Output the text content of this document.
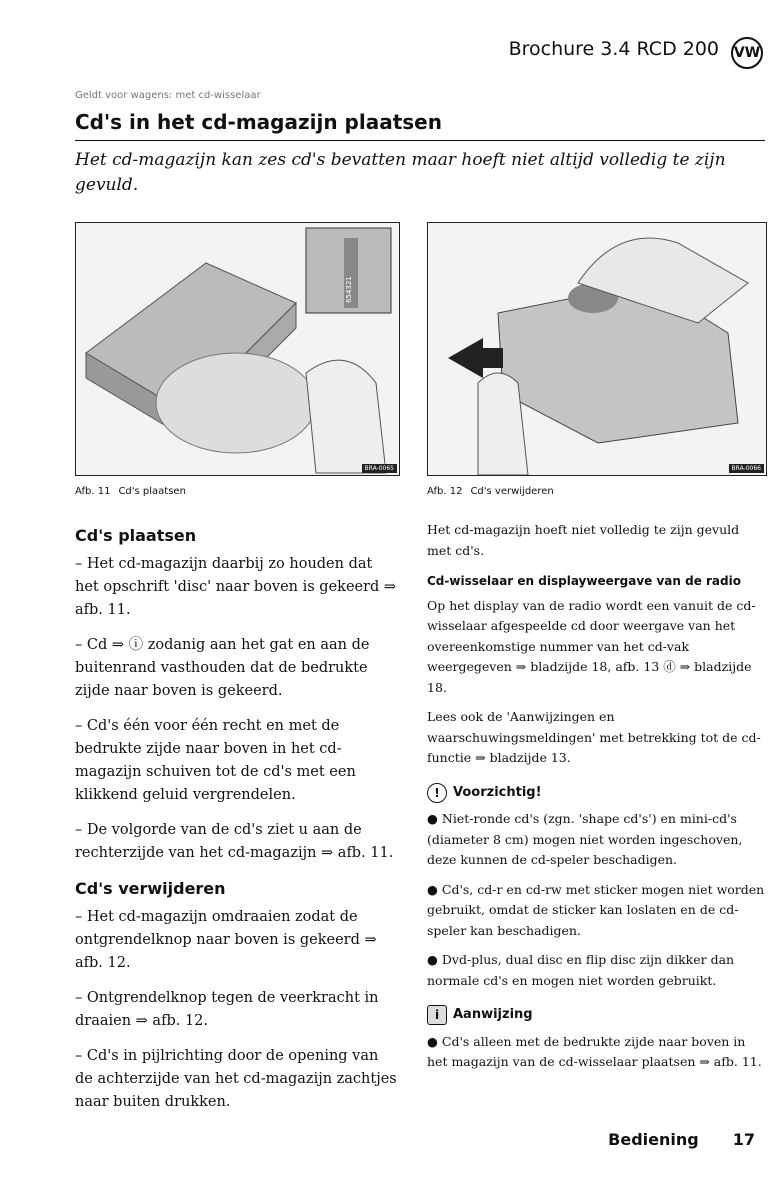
Brochure 3.4 RCD 200 VW
Geldt voor wagens: met cd-wisselaar
Cd's in het cd-magazijn plaatsen
Het cd-magazijn kan zes cd's bevatten maar hoeft niet altijd volledig te zijn gevuld.
654321
BRA-0065	BRA-0066
Afb. 11 Cd's plaatsen	Afb. 12 Cd's verwijderen
Cd's plaatsen

– Het cd-magazijn daarbij zo houden dat het opschrift 'disc' naar boven is gekeerd ⇒ afb. 11.

– Cd ⇒ ⓘ zodanig aan het gat en aan de buitenrand vasthouden dat de bedrukte zijde naar boven is gekeerd.

– Cd's één voor één recht en met de bedrukte zijde naar boven in het cd-magazijn schuiven tot de cd's met een klikkend geluid vergrendelen.

– De volgorde van de cd's ziet u aan de rechterzijde van het cd-magazijn ⇒ afb. 11.

Cd's verwijderen

– Het cd-magazijn omdraaien zodat de ontgrendelknop naar boven is gekeerd ⇒ afb. 12.

– Ontgrendelknop tegen de veerkracht in draaien ⇒ afb. 12.

– Cd's in pijlrichting door de opening van de achterzijde van het cd-magazijn zachtjes naar buiten drukken.

Het cd-magazijn hoeft niet volledig te zijn gevuld met cd's.

Cd-wisselaar en displayweergave van de radio

Op het display van de radio wordt een vanuit de cd-wisselaar afgespeelde cd door weergave van het overeenkomstige nummer van het cd-vak weergegeven ⇒ bladzijde 18, afb. 13 ⓓ ⇒ bladzijde 18.

Lees ook de 'Aanwijzingen en waarschuwingsmeldingen' met betrekking tot de cd-functie ⇒ bladzijde 13.

!	Voorzichtig!

● Niet-ronde cd's (zgn. 'shape cd's') en mini-cd's (diameter 8 cm) mogen niet worden ingeschoven, deze kunnen de cd-speler beschadigen.

● Cd's, cd-r en cd-rw met sticker mogen niet worden gebruikt, omdat de sticker kan loslaten en de cd-speler kan beschadigen.

● Dvd-plus, dual disc en flip disc zijn dikker dan normale cd's en mogen niet worden gebruikt.

i	Aanwijzing

● Cd's alleen met de bedrukte zijde naar boven in het magazijn van de cd-wisselaar plaatsen ⇒ afb. 11.

Bediening 17
